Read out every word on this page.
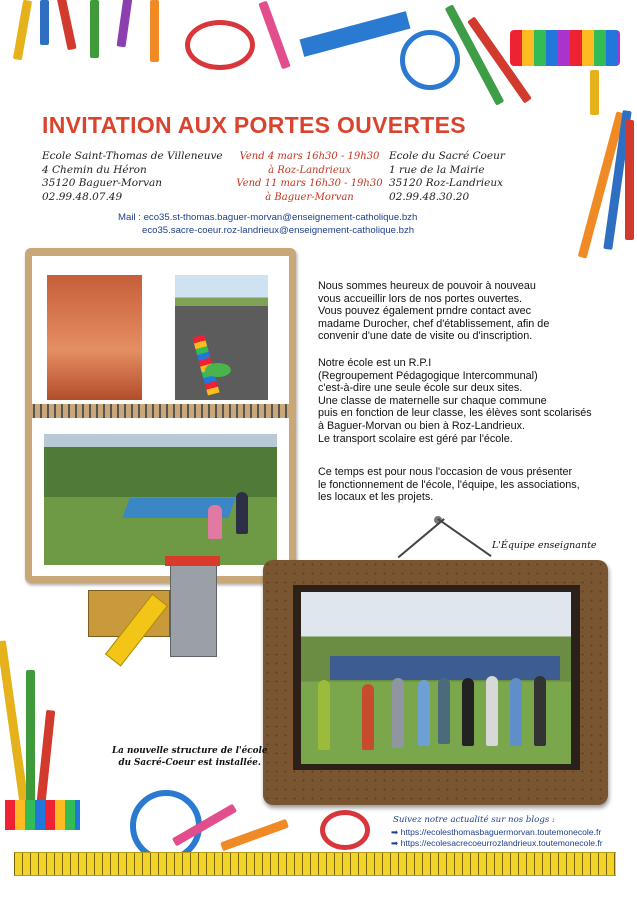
INVITATION AUX PORTES OUVERTES
Ecole Saint-Thomas de Villeneuve
4 Chemin du Héron
35120 Baguer-Morvan
02.99.48.07.49
Vend 4 mars 16h30 - 19h30
à Roz-Landrieux
Vend 11 mars 16h30 - 19h30
à Baguer-Morvan
Ecole du Sacré Coeur
1 rue de la Mairie
35120 Roz-Landrieux
02.99.48.30.20
Mail : eco35.st-thomas.baguer-morvan@enseignement-catholique.bzh
eco35.sacre-coeur.roz-landrieux@enseignement-catholique.bzh
Nous sommes heureux de pouvoir à nouveau
vous accueillir lors de nos portes ouvertes.
Vous pouvez également prndre contact avec
madame Durocher, chef d'établissement, afin de
convenir d'une date de visite ou d'inscription.
Notre école est un R.P.I
(Regroupement Pédagogique Intercommunal)
c'est-à-dire une seule école sur deux sites.
Une classe de maternelle sur chaque commune
puis en fonction de leur classe, les élèves sont scolarisés
à Baguer-Morvan ou bien à Roz-Landrieux.
Le transport scolaire est géré par l'école.
Ce temps est pour nous l'occasion de vous présenter
le fonctionnement de l'école, l'équipe, les associations,
les locaux et les projets.
L'Équipe enseignante
La nouvelle structure de l'école
du Sacré-Coeur est installée.
Suivez notre actualité sur nos blogs :
➡ https://ecolesthomasbaguermorvan.toutemonecole.fr
➡ https://ecolesacrecoeurrozlandrieux.toutemonecole.fr
